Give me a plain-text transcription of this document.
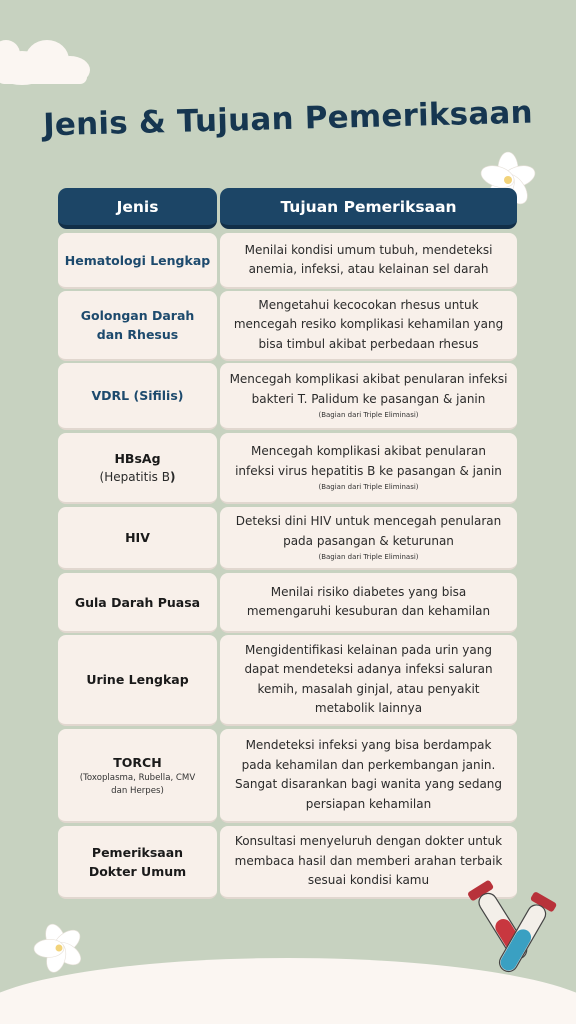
Jenis & Tujuan Pemeriksaan
Jenis	Tujuan Pemeriksaan
Hematologi Lengkap
Menilai kondisi umum tubuh, mendeteksi
anemia, infeksi, atau kelainan sel darah
Golongan Darah
dan Rhesus
Mengetahui kecocokan rhesus untuk
mencegah resiko komplikasi kehamilan yang
bisa timbul akibat perbedaan rhesus
VDRL (Sifilis)
Mencegah komplikasi akibat penularan infeksi
bakteri T. Palidum ke pasangan & janin
(Bagian dari Triple Eliminasi)
HBsAg
(Hepatitis B)
Mencegah komplikasi akibat penularan
infeksi virus hepatitis B ke pasangan & janin
(Bagian dari Triple Eliminasi)
HIV
Deteksi dini HIV untuk mencegah penularan
pada pasangan & keturunan
(Bagian dari Triple Eliminasi)
Gula Darah Puasa
Menilai risiko diabetes yang bisa
memengaruhi kesuburan dan kehamilan
Urine Lengkap
Mengidentifikasi kelainan pada urin yang
dapat mendeteksi adanya infeksi saluran
kemih, masalah ginjal, atau penyakit
metabolik lainnya
TORCH
(Toxoplasma, Rubella, CMV
dan Herpes)
Mendeteksi infeksi yang bisa berdampak
pada kehamilan dan perkembangan janin.
Sangat disarankan bagi wanita yang sedang
persiapan kehamilan
Pemeriksaan
Dokter Umum
Konsultasi menyeluruh dengan dokter untuk
membaca hasil dan memberi arahan terbaik
sesuai kondisi kamu
